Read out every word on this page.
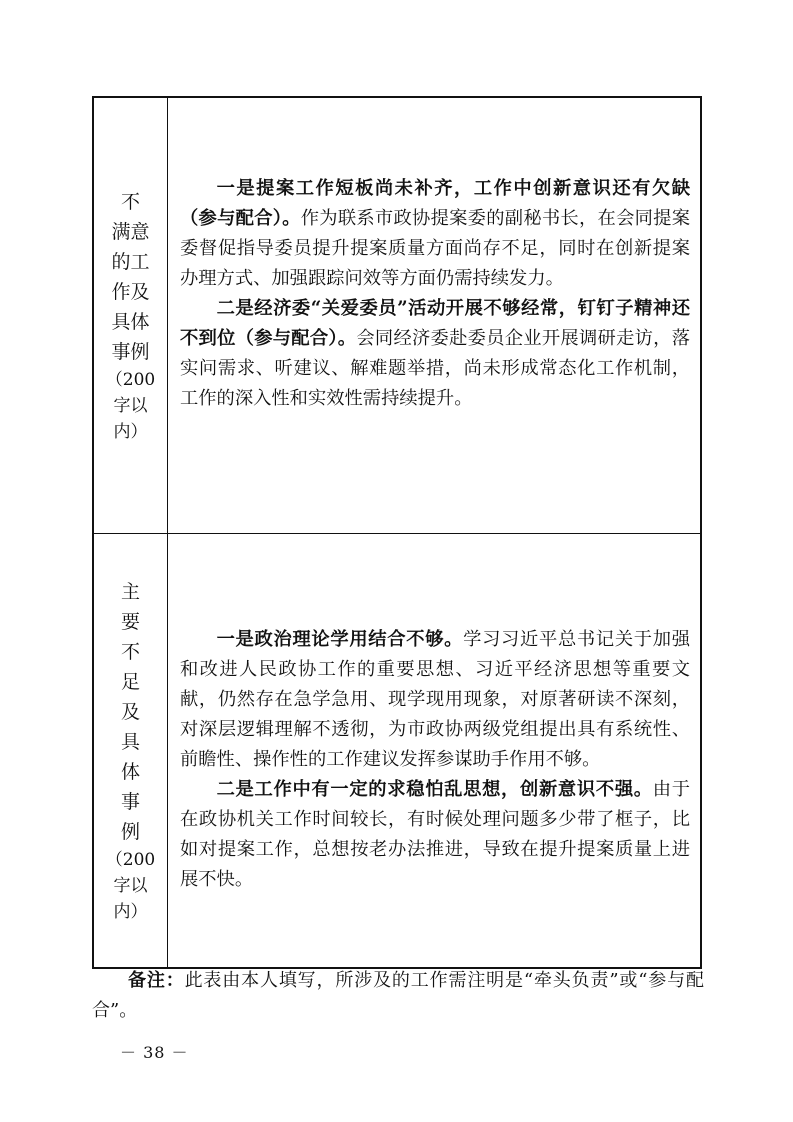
不
满意
的工
作及
具体
事例
（200
字以
内）

一是提案工作短板尚未补齐，工作中创新意识还有欠缺（参与配合）。作为联系市政协提案委的副秘书长，在会同提案委督促指导委员提升提案质量方面尚存不足，同时在创新提案办理方式、加强跟踪问效等方面仍需持续发力。

二是经济委“关爱委员”活动开展不够经常，钉钉子精神还不到位（参与配合）。会同经济委赴委员企业开展调研走访，落实问需求、听建议、解难题举措，尚未形成常态化工作机制，工作的深入性和实效性需持续提升。

主
要
不
足
及
具
体
事
例
（200
字以
内）

一是政治理论学用结合不够。学习习近平总书记关于加强和改进人民政协工作的重要思想、习近平经济思想等重要文献，仍然存在急学急用、现学现用现象，对原著研读不深刻，对深层逻辑理解不透彻，为市政协两级党组提出具有系统性、前瞻性、操作性的工作建议发挥参谋助手作用不够。

二是工作中有一定的求稳怕乱思想，创新意识不强。由于在政协机关工作时间较长，有时候处理问题多少带了框子，比如对提案工作，总想按老办法推进，导致在提升提案质量上进展不快。

备注：此表由本人填写，所涉及的工作需注明是“牵头负责”或“参与配合”。

－ 38 －
